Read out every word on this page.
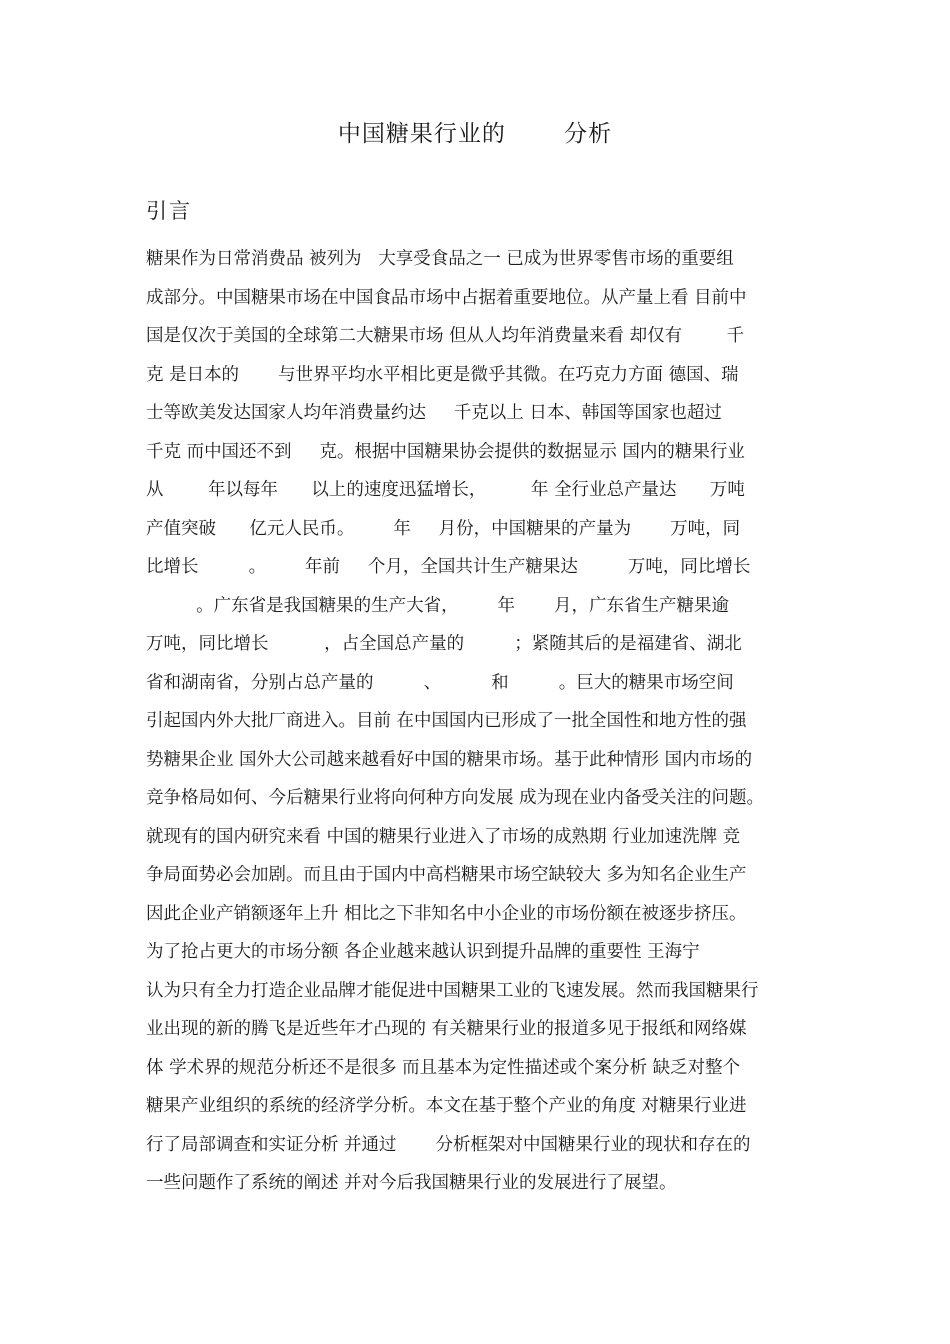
中国糖果行业的       分析
引言
糖果作为日常消费品 被列为   大享受食品之一 已成为世界零售市场的重要组
成部分。中国糖果市场在中国食品市场中占据着重要地位。从产量上看 目前中
国是仅次于美国的全球第二大糖果市场 但从人均年消费量来看 却仅有        千
克 是日本的       与世界平均水平相比更是微乎其微。在巧克力方面 德国、瑞
士等欧美发达国家人均年消费量约达     千克以上 日本、韩国等国家也超过
千克 而中国还不到     克。根据中国糖果协会提供的数据显示 国内的糖果行业
从        年以每年      以上的速度迅猛增长，        年 全行业总产量达      万吨
产值突破      亿元人民币。       年     月份，中国糖果的产量为       万吨，同
比增长         。       年前     个月，全国共计生产糖果达         万吨，同比增长
。广东省是我国糖果的生产大省，       年       月，广东省生产糖果逾
万吨，同比增长          ，占全国总产量的         ；紧随其后的是福建省、湖北
省和湖南省，分别占总产量的         、         和         。巨大的糖果市场空间
引起国内外大批厂商进入。目前 在中国国内已形成了一批全国性和地方性的强
势糖果企业 国外大公司越来越看好中国的糖果市场。基于此种情形 国内市场的
竞争格局如何、今后糖果行业将向何种方向发展 成为现在业内备受关注的问题。
就现有的国内研究来看 中国的糖果行业进入了市场的成熟期 行业加速洗牌 竞
争局面势必会加剧。而且由于国内中高档糖果市场空缺较大 多为知名企业生产
因此企业产销额逐年上升 相比之下非知名中小企业的市场份额在被逐步挤压。
为了抢占更大的市场分额 各企业越来越认识到提升品牌的重要性 王海宁
认为只有全力打造企业品牌才能促进中国糖果工业的飞速发展。然而我国糖果行
业出现的新的腾飞是近些年才凸现的 有关糖果行业的报道多见于报纸和网络媒
体 学术界的规范分析还不是很多 而且基本为定性描述或个案分析 缺乏对整个
糖果产业组织的系统的经济学分析。本文在基于整个产业的角度 对糖果行业进
行了局部调查和实证分析 并通过       分析框架对中国糖果行业的现状和存在的
一些问题作了系统的阐述 并对今后我国糖果行业的发展进行了展望。
